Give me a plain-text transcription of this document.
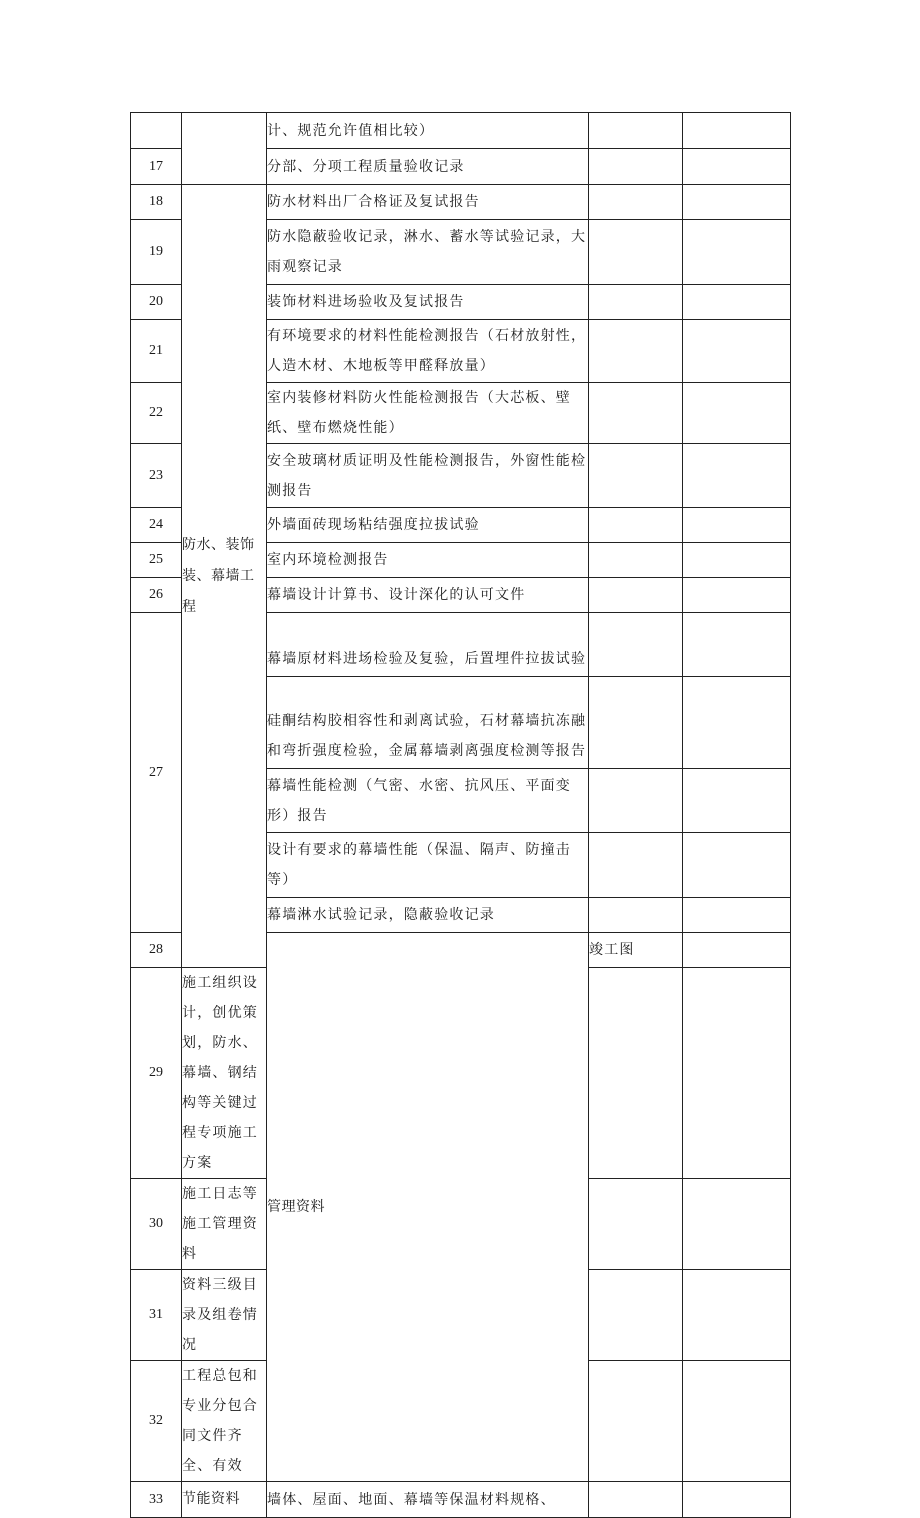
		计、规范允许值相比较）			
17		分部、分项工程质量验收记录			
18	防水、装饰装、幕墙工程	防水材料出厂合格证及复试报告			
19		防水隐蔽验收记录，淋水、蓄水等试验记录，大雨观察记录			
20		装饰材料进场验收及复试报告			
21		有环境要求的材料性能检测报告（石材放射性，人造木材、木地板等甲醛释放量）			
22		室内装修材料防火性能检测报告（大芯板、壁纸、壁布燃烧性能）			
23		安全玻璃材质证明及性能检测报告，外窗性能检测报告			
24		外墙面砖现场粘结强度拉拔试验			
25		室内环境检测报告			
26		幕墙设计计算书、设计深化的认可文件			
27		幕墙原材料进场检验及复验，后置埋件拉拔试验			
		硅酮结构胶相容性和剥离试验，石材幕墙抗冻融和弯折强度检验，金属幕墙剥离强度检测等报告			
		幕墙性能检测（气密、水密、抗风压、平面变形）报告			
		设计有要求的幕墙性能（保温、隔声、防撞击等）			
		幕墙淋水试验记录，隐蔽验收记录			
28		管理资料	竣工图		
29	施工组织设计，创优策划，防水、幕墙、钢结构等关键过程专项施工方案				
30	施工日志等施工管理资料				
31	资料三级目录及组卷情况				
32	工程总包和专业分包合同文件齐全、有效				
33	节能资料	墙体、屋面、地面、幕墙等保温材料规格、			
